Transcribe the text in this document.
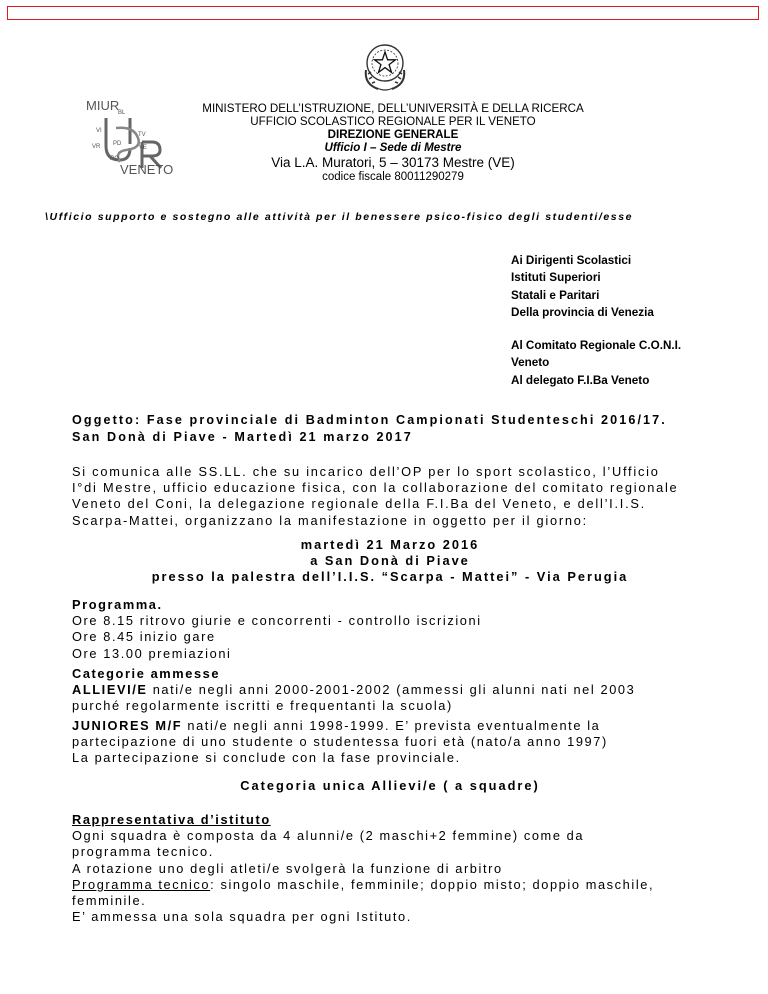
MIUR
VENETO
BL
TV
VR PD
VE
RO
VI
MINISTERO DELL’ISTRUZIONE, DELL’UNIVERSITÀ E DELLA RICERCA
UFFICIO SCOLASTICO REGIONALE PER IL VENETO
DIREZIONE GENERALE
Ufficio I – Sede di Mestre
Via L.A. Muratori, 5 – 30173 Mestre (VE)
codice fiscale 80011290279
\Ufficio supporto e sostegno alle attività per il benessere psico-fisico degli studenti/esse
Ai Dirigenti Scolastici
Istituti Superiori
Statali e Paritari
Della provincia di Venezia
Al Comitato Regionale C.O.N.I.
Veneto
Al delegato F.I.Ba Veneto
Oggetto: Fase provinciale di Badminton Campionati Studenteschi 2016/17.
San Donà di Piave - Martedì 21 marzo 2017
Si comunica alle SS.LL. che su incarico dell’OP per lo sport scolastico, l’Ufficio
I°di Mestre, ufficio educazione fisica, con la collaborazione del comitato regionale
Veneto del Coni, la delegazione regionale della F.I.Ba del Veneto, e dell’I.I.S.
Scarpa-Mattei, organizzano la manifestazione in oggetto per il giorno:
martedì 21 Marzo 2016
a San Donà di Piave
presso la palestra dell’I.I.S. “Scarpa - Mattei” - Via Perugia
Programma.
Ore 8.15 ritrovo giurie e concorrenti - controllo iscrizioni
Ore 8.45 inizio gare
Ore 13.00 premiazioni
Categorie ammesse
ALLIEVI/E nati/e negli anni 2000-2001-2002 (ammessi gli alunni nati nel 2003
purché regolarmente iscritti e frequentanti la scuola)
JUNIORES M/F nati/e negli anni 1998-1999. E’ prevista eventualmente la
partecipazione di uno studente o studentessa fuori età (nato/a anno 1997)
La partecipazione si conclude con la fase provinciale.
Categoria unica Allievi/e ( a squadre)
Rappresentativa d’istituto
Ogni squadra è composta da 4 alunni/e (2 maschi+2 femmine) come da
programma tecnico.
A rotazione uno degli atleti/e svolgerà la funzione di arbitro
Programma tecnico: singolo maschile, femminile; doppio misto; doppio maschile,
femminile.
E’ ammessa una sola squadra per ogni Istituto.
